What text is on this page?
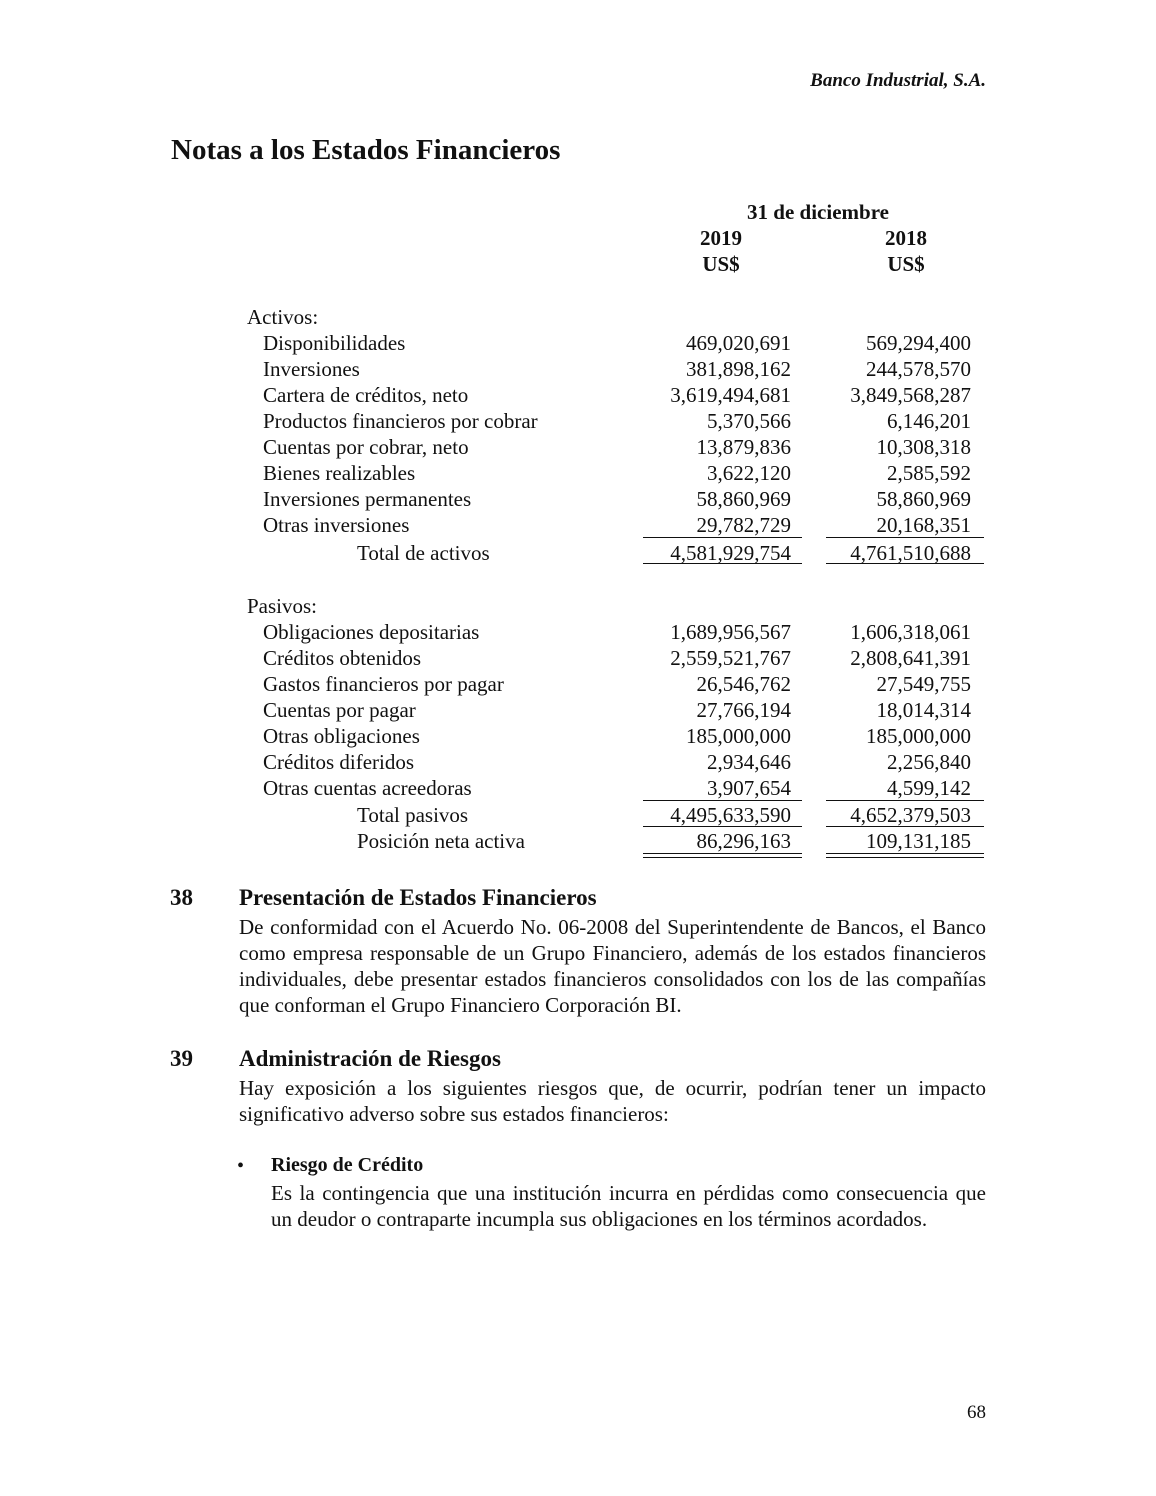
Banco Industrial, S.A.
Notas a los Estados Financieros
31 de diciembre
2019	2018
US$	US$
Activos:
Disponibilidades	469,020,691	569,294,400
Inversiones	381,898,162	244,578,570
Cartera de créditos, neto	3,619,494,681	3,849,568,287
Productos financieros por cobrar	5,370,566	6,146,201
Cuentas por cobrar, neto	13,879,836	10,308,318
Bienes realizables	3,622,120	2,585,592
Inversiones permanentes	58,860,969	58,860,969
Otras inversiones	29,782,729	20,168,351
Total de activos	4,581,929,754	4,761,510,688
Pasivos:
Obligaciones depositarias	1,689,956,567	1,606,318,061
Créditos obtenidos	2,559,521,767	2,808,641,391
Gastos financieros por pagar	26,546,762	27,549,755
Cuentas por pagar	27,766,194	18,014,314
Otras obligaciones	185,000,000	185,000,000
Créditos diferidos	2,934,646	2,256,840
Otras cuentas acreedoras	3,907,654	4,599,142
Total pasivos	4,495,633,590	4,652,379,503
Posición neta activa	86,296,163	109,131,185
38 Presentación de Estados Financieros
De conformidad con el Acuerdo No. 06-2008 del Superintendente de Bancos, el Banco como empresa responsable de un Grupo Financiero, además de los estados financieros individuales, debe presentar estados financieros consolidados con los de las compañías que conforman el Grupo Financiero Corporación BI.
39 Administración de Riesgos
Hay exposición a los siguientes riesgos que, de ocurrir, podrían tener un impacto significativo adverso sobre sus estados financieros:
• Riesgo de Crédito
Es la contingencia que una institución incurra en pérdidas como consecuencia que un deudor o contraparte incumpla sus obligaciones en los términos acordados.
68
